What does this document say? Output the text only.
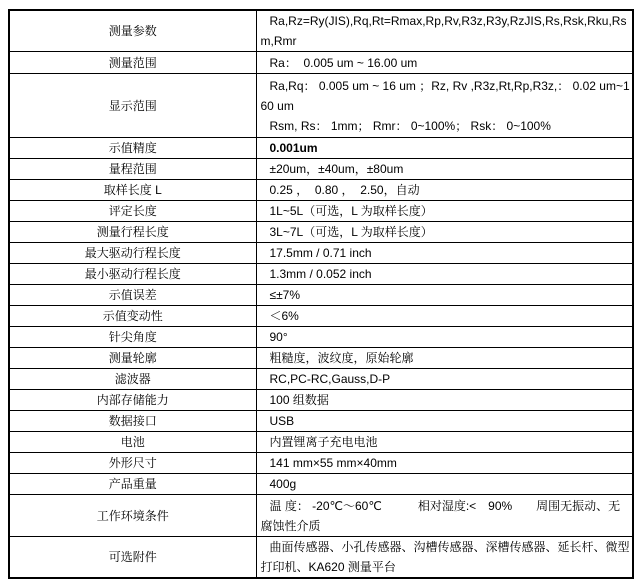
测量参数	Ra,Rz=Ry(JIS),Rq,Rt=Rmax,Rp,Rv,R3z,R3y,RzJIS,Rs,Rsk,Rku,Rsm,Rmr

测量范围	Ra：  0.005 um ~ 16.00 um

显示范围	Ra,Rq： 0.005 um ~ 16 um ；Rz, Rv ,R3z,Rt,Rp,R3z,： 0.02 um~160 um

Rsm, Rs： 1mm； Rmr： 0~100%； Rsk： 0~100%

示值精度	0.001um

量程范围	±20um，±40um，±80um

取样长度 L	0.25 ，  0.80 ，  2.50，自动

评定长度	1L~5L（可选，L 为取样长度）

测量行程长度	3L~7L（可选，L 为取样长度）

最大驱动行程长度	17.5mm / 0.71 inch

最小驱动行程长度	1.3mm / 0.052 inch

示值误差	≤±7%

示值变动性	＜6%

针尖角度	90°

测量轮廓	粗糙度，波纹度，原始轮廓

滤波器	RC,PC-RC,Gauss,D-P

内部存储能力	100 组数据

数据接口	USB

电池	内置锂离子充电电池

外形尺寸	141 mm×55 mm×40mm

产品重量	400g

工作环境条件	温 度： -20℃～60℃　　　相对湿度:<　90%　　周围无振动、无腐蚀性介质

可选附件	曲面传感器、小孔传感器、沟槽传感器、深槽传感器、延长杆、微型打印机、KA620 测量平台
